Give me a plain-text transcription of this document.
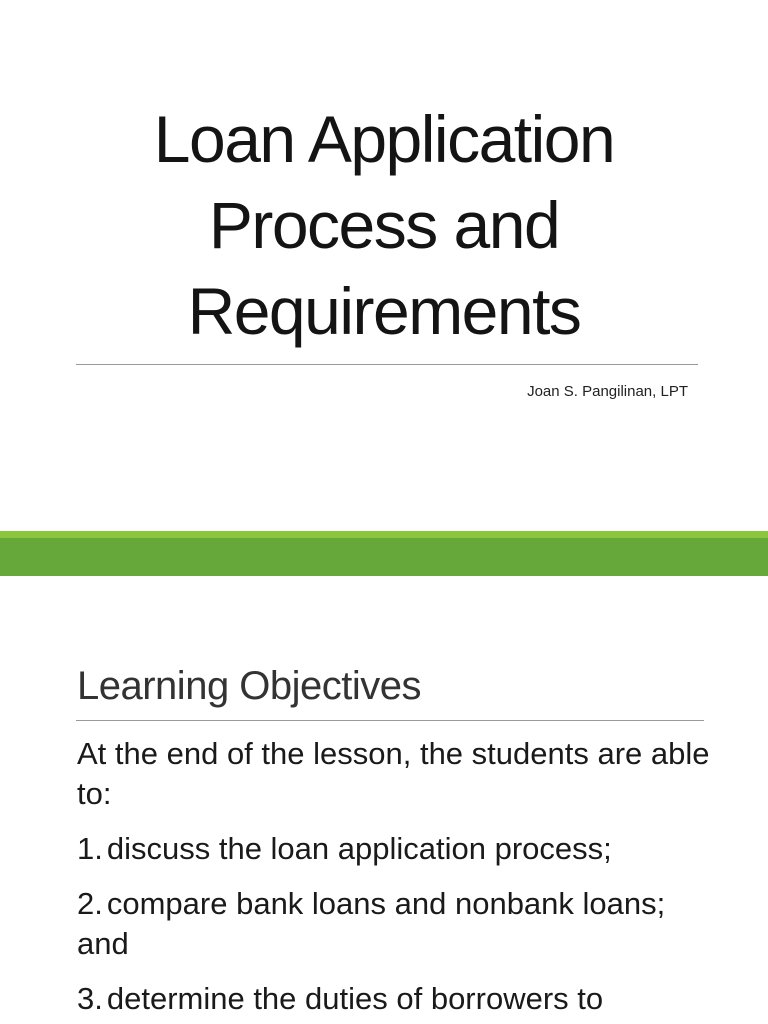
Loan Application
Process and
Requirements
Joan S. Pangilinan, LPT
Learning Objectives

At the end of the lesson, the students are able to:

1. discuss the loan application process;

2. compare bank loans and nonbank loans; and

3. determine the duties of borrowers to
